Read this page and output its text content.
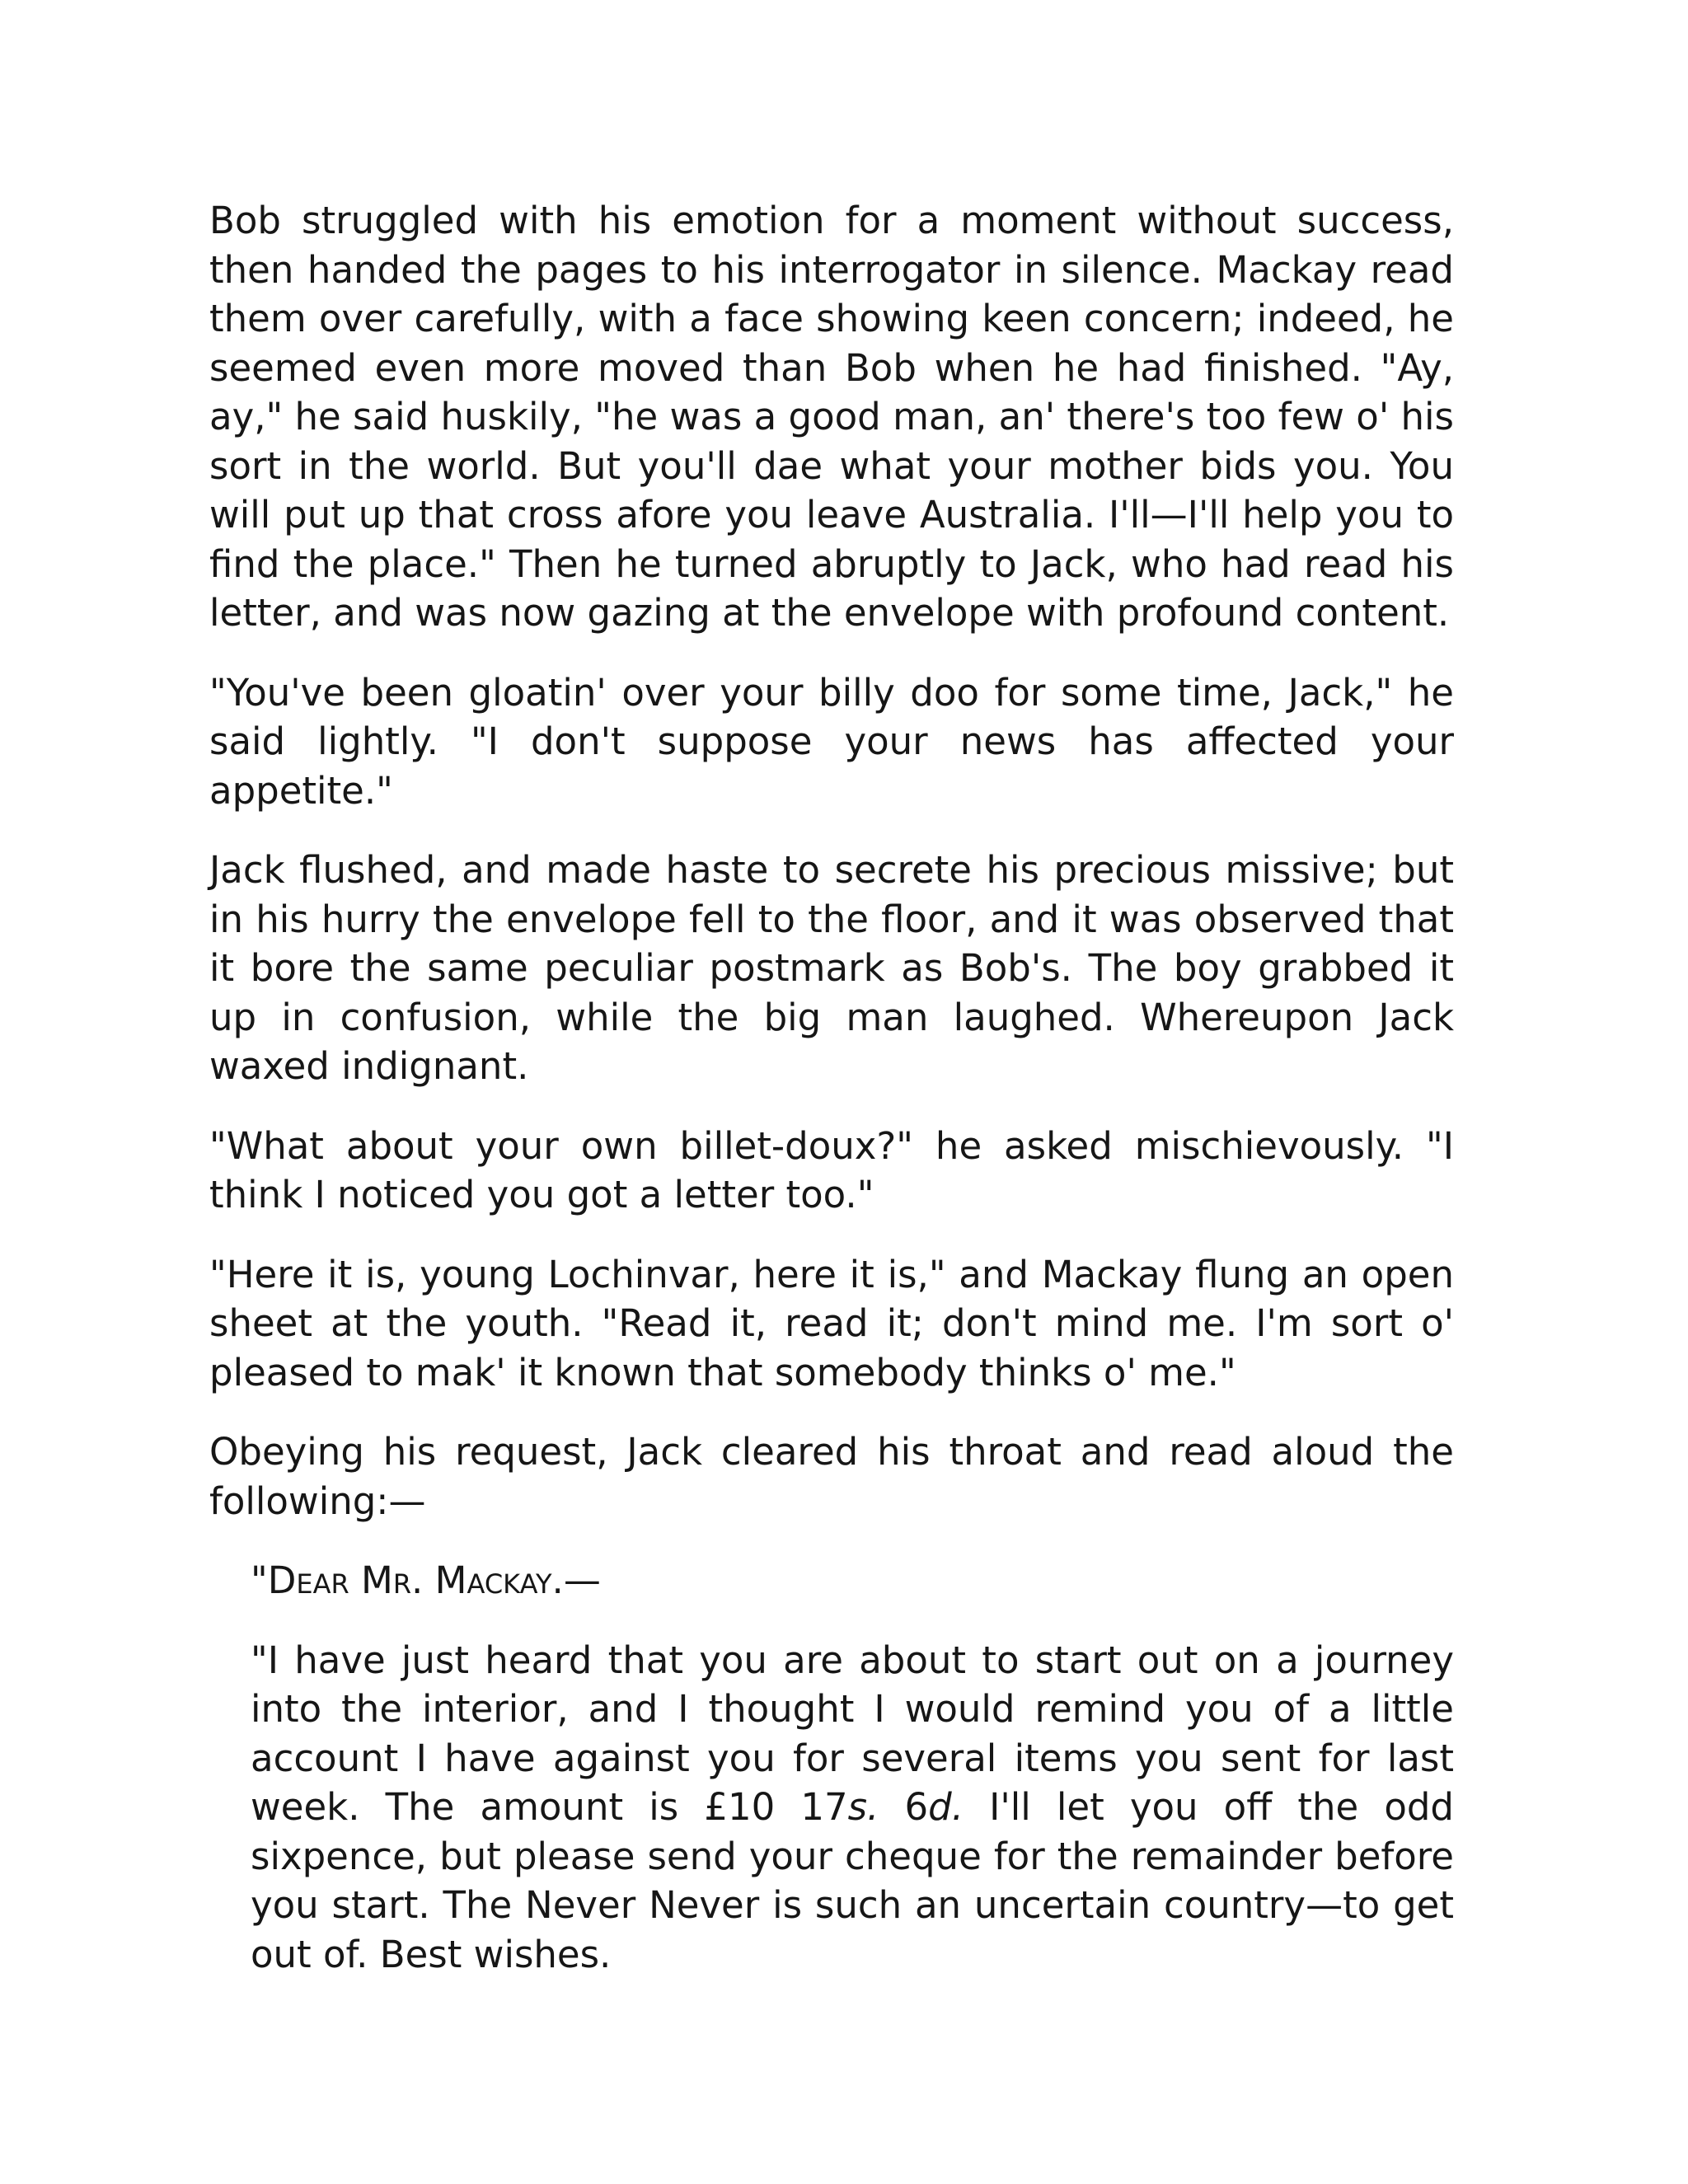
Bob struggled with his emotion for a moment without success, then handed the pages to his interrogator in silence. Mackay read them over carefully, with a face showing keen concern; indeed, he seemed even more moved than Bob when he had finished. "Ay, ay," he said huskily, "he was a good man, an' there's too few o' his sort in the world. But you'll dae what your mother bids you. You will put up that cross afore you leave Australia. I'll—I'll help you to find the place." Then he turned abruptly to Jack, who had read his letter, and was now gazing at the envelope with profound content.

"You've been gloatin' over your billy doo for some time, Jack," he said lightly. "I don't suppose your news has affected your appetite."

Jack flushed, and made haste to secrete his precious missive; but in his hurry the envelope fell to the floor, and it was observed that it bore the same peculiar postmark as Bob's. The boy grabbed it up in confusion, while the big man laughed. Whereupon Jack waxed indignant.

"What about your own billet-doux?" he asked mischievously. "I think I noticed you got a letter too."

"Here it is, young Lochinvar, here it is," and Mackay flung an open sheet at the youth. "Read it, read it; don't mind me. I'm sort o' pleased to mak' it known that somebody thinks o' me."

Obeying his request, Jack cleared his throat and read aloud the following:—

"Dear Mr. Mackay.—

"I have just heard that you are about to start out on a journey into the interior, and I thought I would remind you of a little account I have against you for several items you sent for last week. The amount is £10 17s. 6d. I'll let you off the odd sixpence, but please send your cheque for the remainder before you start. The Never Never is such an uncertain country—to get out of. Best wishes.
